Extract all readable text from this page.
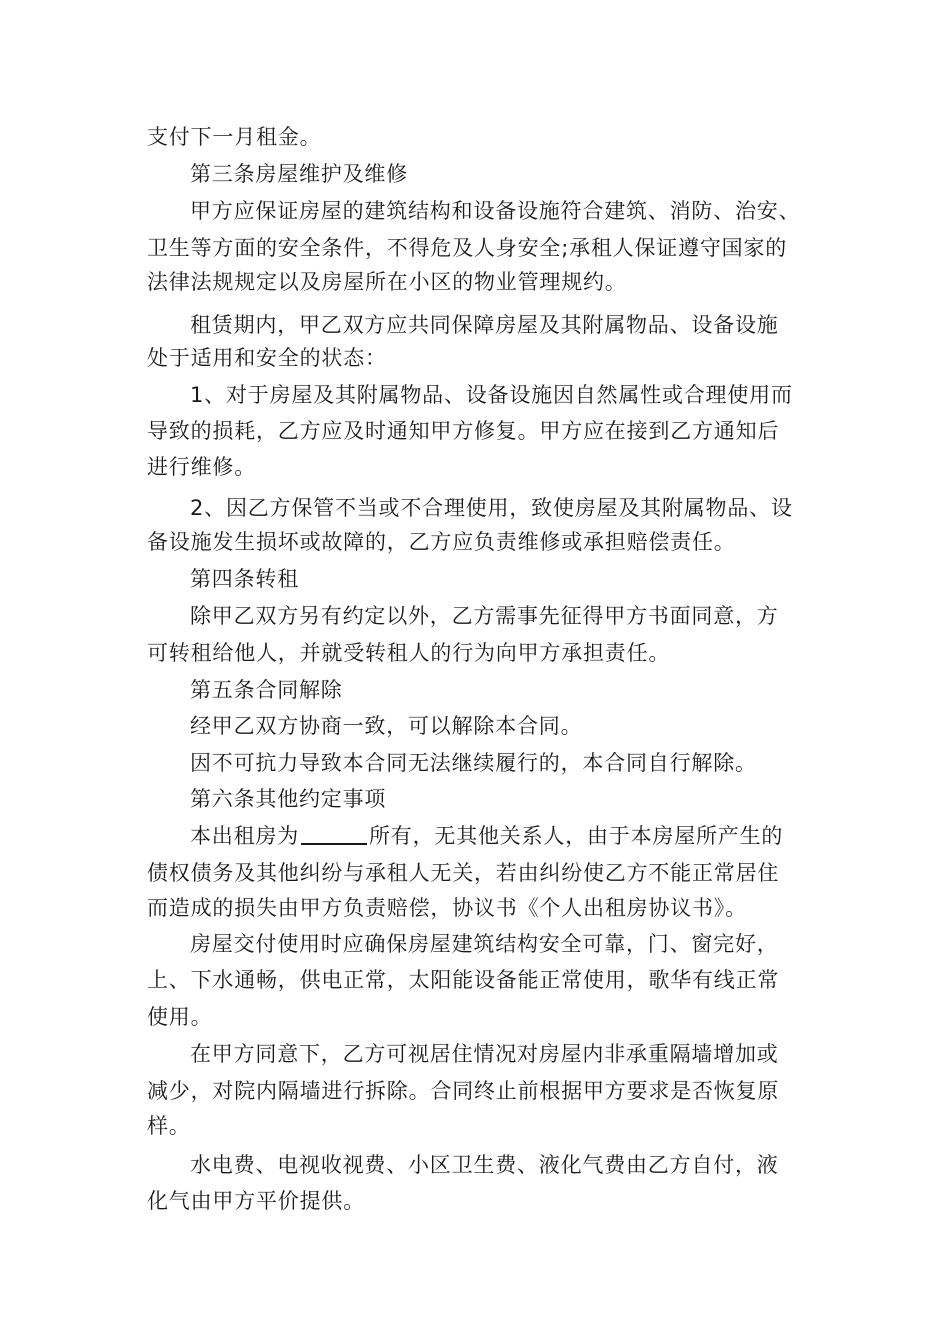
支付下一月租金。

第三条房屋维护及维修

甲方应保证房屋的建筑结构和设备设施符合建筑、消防、治安、

卫生等方面的安全条件，不得危及人身安全;承租人保证遵守国家的

法律法规规定以及房屋所在小区的物业管理规约。

租赁期内，甲乙双方应共同保障房屋及其附属物品、设备设施

处于适用和安全的状态：

1、对于房屋及其附属物品、设备设施因自然属性或合理使用而

导致的损耗，乙方应及时通知甲方修复。甲方应在接到乙方通知后

进行维修。

2、因乙方保管不当或不合理使用，致使房屋及其附属物品、设

备设施发生损坏或故障的，乙方应负责维修或承担赔偿责任。

第四条转租

除甲乙双方另有约定以外，乙方需事先征得甲方书面同意，方

可转租给他人，并就受转租人的行为向甲方承担责任。

第五条合同解除

经甲乙双方协商一致，可以解除本合同。

因不可抗力导致本合同无法继续履行的，本合同自行解除。

第六条其他约定事项

本出租房为	所有，无其他关系人，由于本房屋所产生的

债权债务及其他纠纷与承租人无关，若由纠纷使乙方不能正常居住

而造成的损失由甲方负责赔偿，协议书《个人出租房协议书》。

房屋交付使用时应确保房屋建筑结构安全可靠，门、窗完好，

上、下水通畅，供电正常，太阳能设备能正常使用，歌华有线正常

使用。

在甲方同意下，乙方可视居住情况对房屋内非承重隔墙增加或

减少，对院内隔墙进行拆除。合同终止前根据甲方要求是否恢复原

样。

水电费、电视收视费、小区卫生费、液化气费由乙方自付，液

化气由甲方平价提供。
